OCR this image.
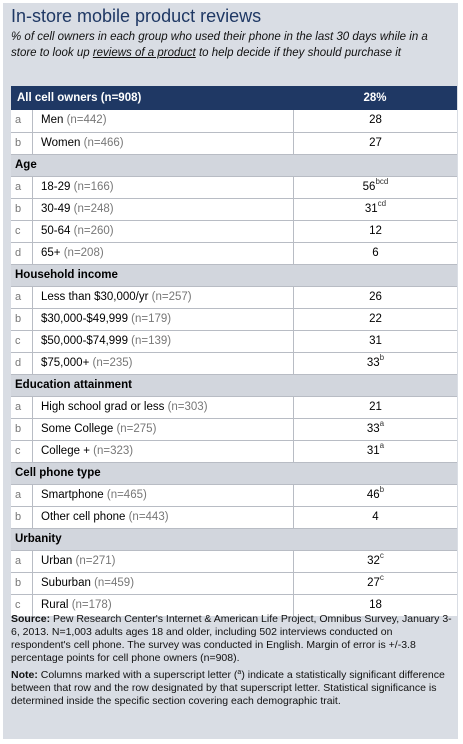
In-store mobile product reviews
% of cell owners in each group who used their phone in the last 30 days while in a store to look up reviews of a product to help decide if they should purchase it
All cell owners (n=908)	28%
a	Men (n=442)	28
b	Women (n=466)	27
Age
a	18-29 (n=166)	$56^{bcd}$
b	30-49 (n=248)	$31^{cd}$
c	50-64 (n=260)	12
d	65+ (n=208)	6
Household income
a	Less than $30,000/yr (n=257)	26
b	$30,000-$49,999 (n=179)	22
c	$50,000-$74,999 (n=139)	31
d	$75,000+ (n=235)	33$^b$
Education attainment
a	High school grad or less (n=303)	21
b	Some College (n=275)	33$^a$
c	College + (n=323)	31$^a$
Cell phone type
a	Smartphone (n=465)	46$^b$
b	Other cell phone (n=443)	4
Urbanity
a	Urban (n=271)	32$^c$
b	Suburban (n=459)	27$^c$
c	Rural (n=178)	18
Source: Pew Research Center's Internet & American Life Project, Omnibus Survey, January 3-6, 2013. N=1,003 adults ages 18 and older, including 502 interviews conducted on respondent's cell phone. The survey was conducted in English. Margin of error is +/-3.8 percentage points for cell phone owners (n=908).
Note: Columns marked with a superscript letter ($^a$) indicate a statistically significant difference between that row and the row designated by that superscript letter. Statistical significance is determined inside the specific section covering each demographic trait.
